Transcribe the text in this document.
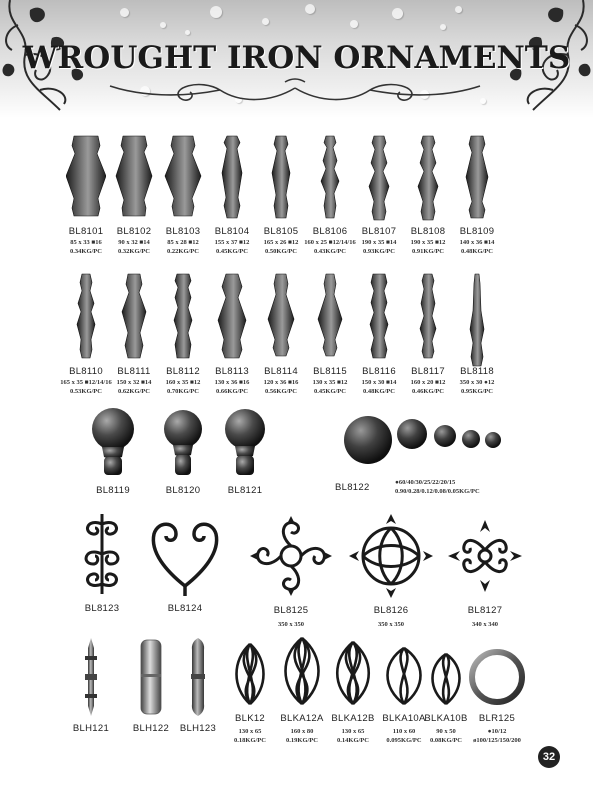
WROUGHT IRON ORNAMENTS
BL8101
85 x 33 ■16
0.34KG/PC
BL8102
90 x 32 ■14
0.32KG/PC
BL8103
85 x 28 ■12
0.22KG/PC
BL8104
155 x 37 ■12
0.45KG/PC
BL8105
165 x 26 ■12
0.50KG/PC
BL8106
160 x 25 ■12/14/16
0.43KG/PC
BL8107
190 x 35 ■14
0.93KG/PC
BL8108
190 x 35 ■12
0.91KG/PC
BL8109
140 x 36 ■14
0.48KG/PC
BL8110
165 x 35 ■12/14/16
0.53KG/PC
BL8111
150 x 32 ■14
0.62KG/PC
BL8112
160 x 35 ■12
0.70KG/PC
BL8113
130 x 36 ■16
0.66KG/PC
BL8114
120 x 36 ■16
0.56KG/PC
BL8115
130 x 35 ■12
0.45KG/PC
BL8116
150 x 30 ■14
0.48KG/PC
BL8117
160 x 20 ■12
0.46KG/PC
BL8118
350 x 30 ●12
0.95KG/PC
BL8119	BL8120	BL8121	BL8122	●60/40/30/25/22/20/15
0.90/0.28/0.12/0.08/0.05KG/PC
BL8123	BL8124	BL8125
350 x 350
BL8126
350 x 350
BL8127
340 x 340
BLH121	BLH122	BLH123
BLK12
130 x 65
0.18KG/PC
BLKA12A
160 x 80
0.19KG/PC
BLKA12B
130 x 65
0.14KG/PC
BLKA10A
110 x 60
0.095KG/PC
BLKA10B
90 x 50
0.08KG/PC
BLR125
●10/12
ø100/125/150/200
32
